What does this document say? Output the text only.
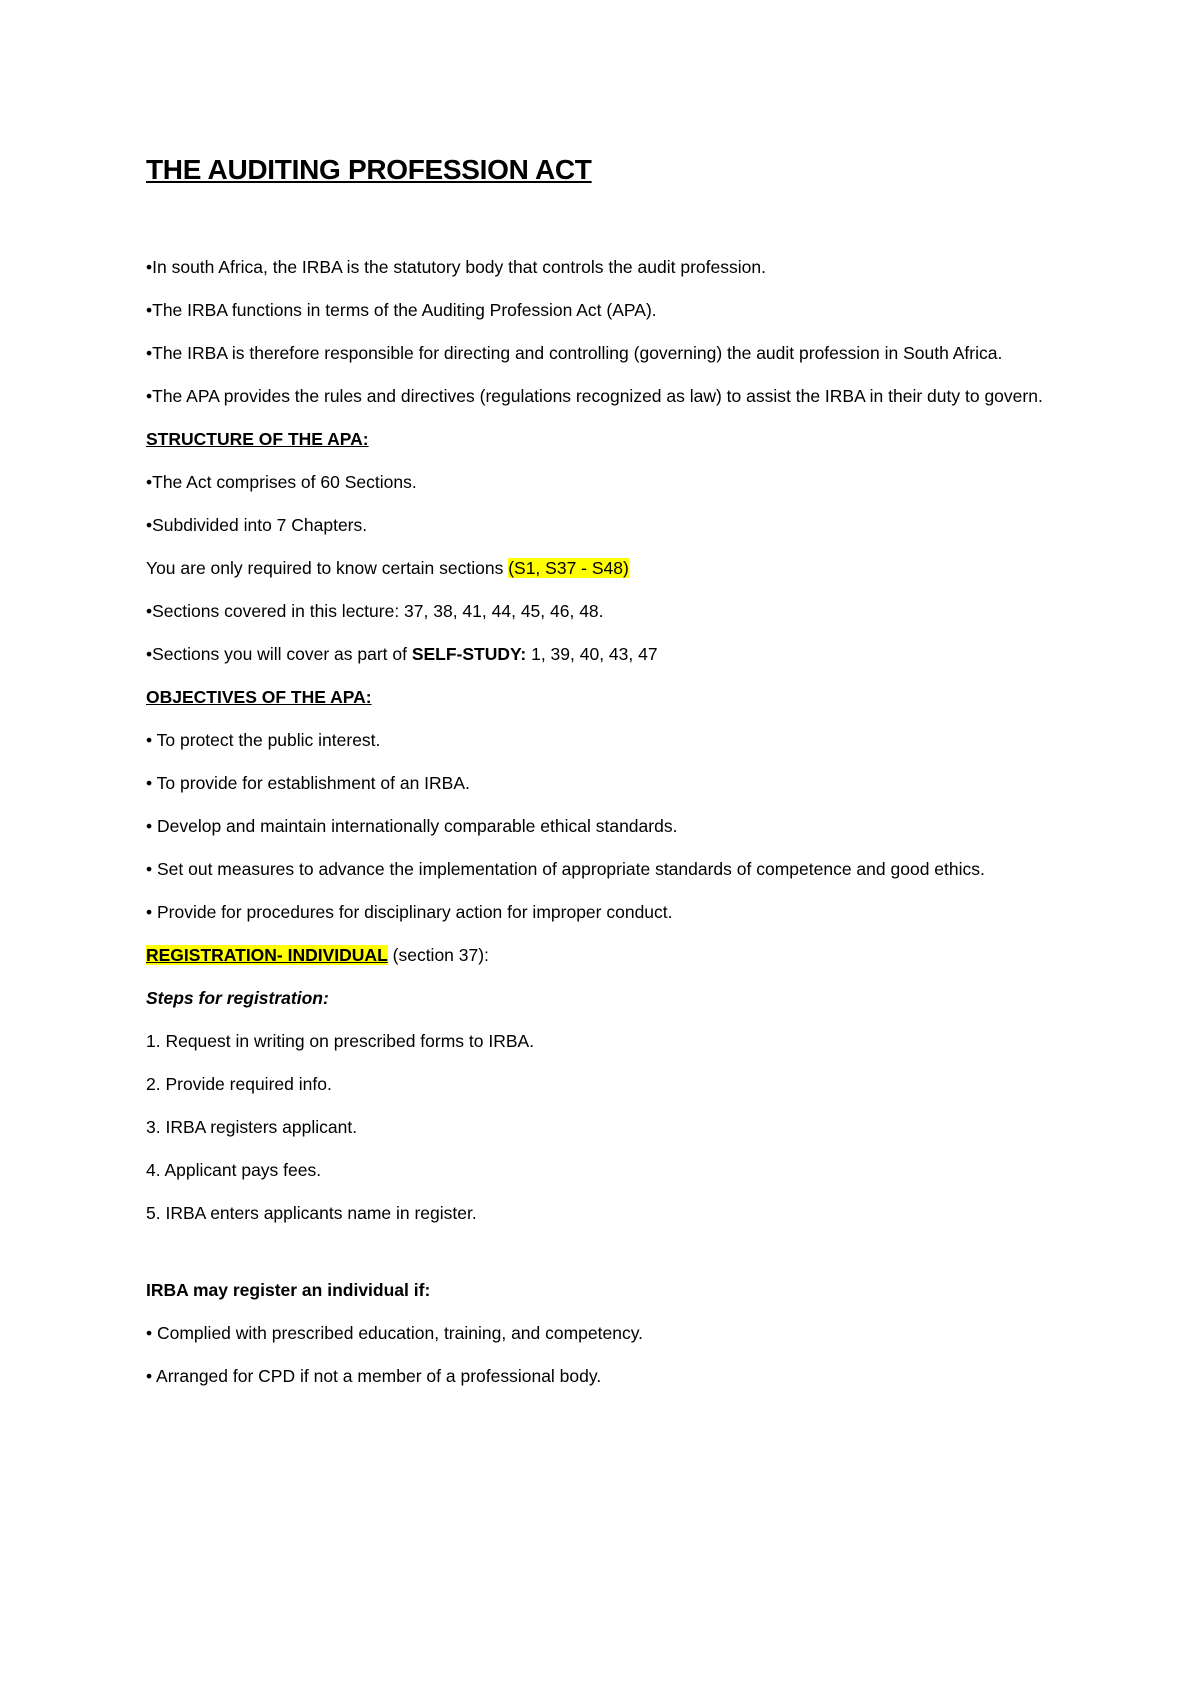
THE AUDITING PROFESSION ACT

•In south Africa, the IRBA is the statutory body that controls the audit profession.

•The IRBA functions in terms of the Auditing Profession Act (APA).

•The IRBA is therefore responsible for directing and controlling (governing) the audit profession in South Africa.

•The APA provides the rules and directives (regulations recognized as law) to assist the IRBA in their duty to govern.

STRUCTURE OF THE APA:

•The Act comprises of 60 Sections.

•Subdivided into 7 Chapters.

You are only required to know certain sections (S1, S37 - S48)

•Sections covered in this lecture: 37, 38, 41, 44, 45, 46, 48.

•Sections you will cover as part of SELF-STUDY: 1, 39, 40, 43, 47

OBJECTIVES OF THE APA:

• To protect the public interest.

• To provide for establishment of an IRBA.

• Develop and maintain internationally comparable ethical standards.

• Set out measures to advance the implementation of appropriate standards of competence and good ethics.

• Provide for procedures for disciplinary action for improper conduct.

REGISTRATION- INDIVIDUAL (section 37):

Steps for registration:

1. Request in writing on prescribed forms to IRBA.

2. Provide required info.

3. IRBA registers applicant.

4. Applicant pays fees.

5. IRBA enters applicants name in register.

IRBA may register an individual if:

• Complied with prescribed education, training, and competency.

• Arranged for CPD if not a member of a professional body.
